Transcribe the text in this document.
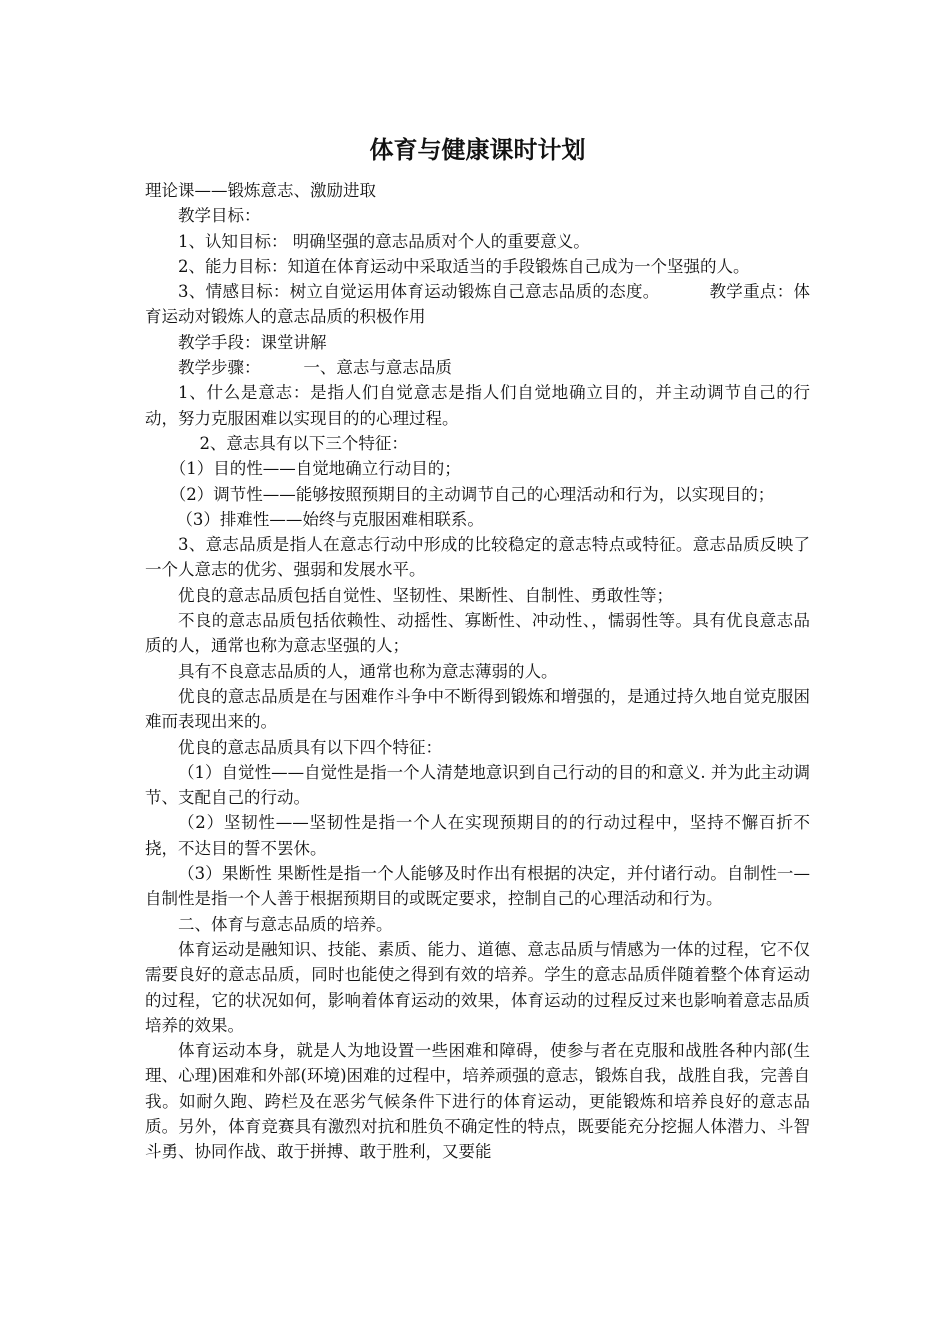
体育与健康课时计划

理论课——锻炼意志、激励进取

教学目标：

1、认知目标： 明确坚强的意志品质对个人的重要意义。

2、能力目标：知道在体育运动中采取适当的手段锻炼自己成为一个坚强的人。

3、情感目标：树立自觉运用体育运动锻炼自己意志品质的态度。	教学重点：体育运动对锻炼人的意志品质的积极作用

教学手段：课堂讲解

教学步骤：	一、意志与意志品质

1、什么是意志：是指人们自觉意志是指人们自觉地确立目的，并主动调节自己的行动，努力克服困难以实现目的的心理过程。

2、意志具有以下三个特征：

（1）目的性——自觉地确立行动目的；

（2）调节性——能够按照预期目的主动调节自己的心理活动和行为，以实现目的；

（3）排难性——始终与克服困难相联系。

3、意志品质是指人在意志行动中形成的比较稳定的意志特点或特征。意志品质反映了一个人意志的优劣、强弱和发展水平。

优良的意志品质包括自觉性、坚韧性、果断性、自制性、勇敢性等；

不良的意志品质包括依赖性、动摇性、寡断性、冲动性、，懦弱性等。具有优良意志品质的人，通常也称为意志坚强的人；

具有不良意志品质的人，通常也称为意志薄弱的人。

优良的意志品质是在与困难作斗争中不断得到锻炼和增强的，是通过持久地自觉克服困难而表现出来的。

优良的意志品质具有以下四个特征：

（1）自觉性——自觉性是指一个人清楚地意识到自己行动的目的和意义. 并为此主动调节、支配自己的行动。

（2）坚韧性——坚韧性是指一个人在实现预期目的的行动过程中，坚持不懈百折不挠，不达目的誓不罢休。

（3）果断性 果断性是指一个人能够及时作出有根据的决定，并付诸行动。自制性一—自制性是指一个人善于根据预期目的或既定要求，控制自己的心理活动和行为。

二、体育与意志品质的培养。

体育运动是融知识、技能、素质、能力、道德、意志品质与情感为一体的过程，它不仅需要良好的意志品质，同时也能使之得到有效的培养。学生的意志品质伴随着整个体育运动的过程，它的状况如何，影响着体育运动的效果，体育运动的过程反过来也影响着意志品质培养的效果。

体育运动本身，就是人为地设置一些困难和障碍，使参与者在克服和战胜各种内部(生理、心理)困难和外部(环境)困难的过程中，培养顽强的意志，锻炼自我，战胜自我，完善自我。如耐久跑、跨栏及在恶劣气候条件下进行的体育运动，更能锻炼和培养良好的意志品质。另外，体育竞赛具有激烈对抗和胜负不确定性的特点，既要能充分挖掘人体潜力、斗智斗勇、协同作战、敢于拼搏、敢于胜利，又要能
